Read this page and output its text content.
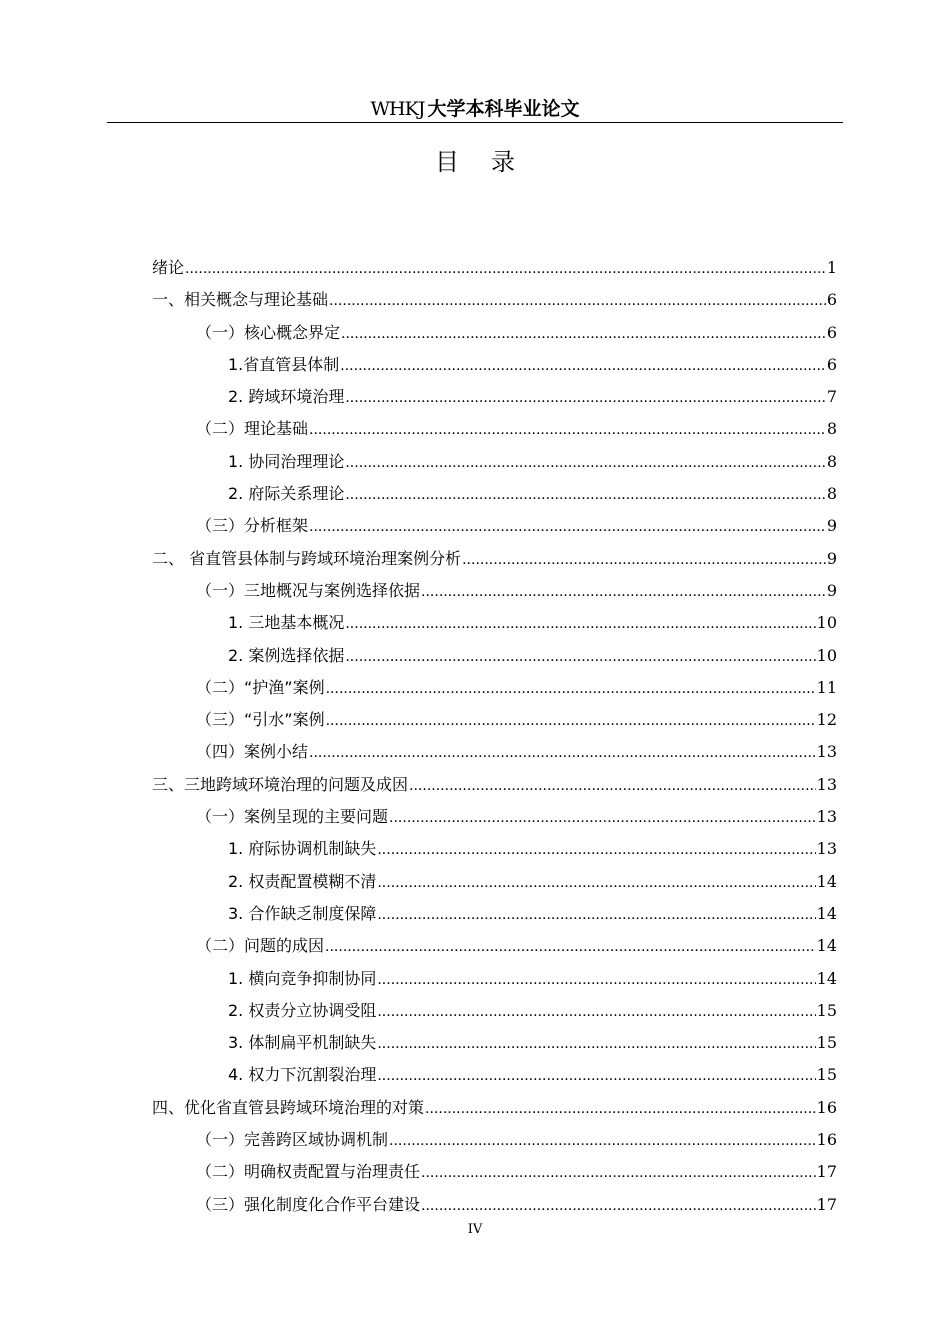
WHKJ 大学本科毕业论文
目录
绪论 .....	1
一、相关概念与理论基础 .....	6
（一）核心概念界定 .....	6
1.省直管县体制 .....	6
2. 跨域环境治理 .....	7
（二）理论基础 .....	8
1. 协同治理理论 .....	8
2. 府际关系理论 .....	8
（三）分析框架 .....	9
二、 省直管县体制与跨域环境治理案例分析 .....	9
（一）三地概况与案例选择依据 .....	9
1. 三地基本概况 .....	10
2. 案例选择依据 .....	10
（二）“护渔”案例 .....	11
（三）“引水”案例 .....	12
（四）案例小结 .....	13
三、三地跨域环境治理的问题及成因 .....	13
（一）案例呈现的主要问题 .....	13
1. 府际协调机制缺失 .....	13
2. 权责配置模糊不清 .....	14
3. 合作缺乏制度保障 .....	14
（二）问题的成因 .....	14
1. 横向竞争抑制协同 .....	14
2. 权责分立协调受阻 .....	15
3. 体制扁平机制缺失 .....	15
4. 权力下沉割裂治理 .....	15
四、优化省直管县跨域环境治理的对策 .....	16
（一）完善跨区域协调机制 .....	16
（二）明确权责配置与治理责任 .....	17
（三）强化制度化合作平台建设 .....	17
IV
